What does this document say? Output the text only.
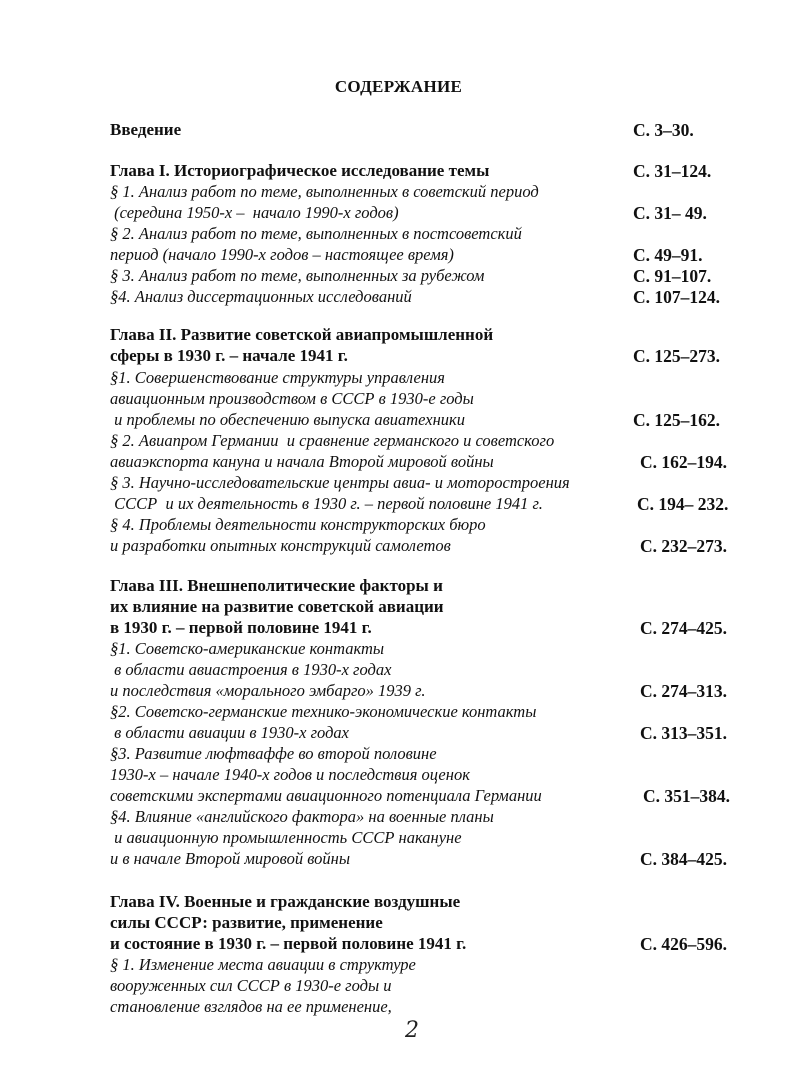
СОДЕРЖАНИЕ
Введение	С. 3–30.
Глава I. Историографическое исследование темы	С. 31–124.
§ 1. Анализ работ по теме, выполненных в советский период
(середина 1950-х –  начало 1990-х годов)	С. 31– 49.
§ 2. Анализ работ по теме, выполненных в постсоветский
период (начало 1990-х годов – настоящее время)	С. 49–91.
§ 3. Анализ работ по теме, выполненных за рубежом	С. 91–107.
§4. Анализ диссертационных исследований	С. 107–124.
Глава II. Развитие советской авиапромышленной
сферы в 1930 г. – начале 1941 г.	С. 125–273.
§1. Совершенствование структуры управления
авиационным производством в СССР в 1930-е годы
и проблемы по обеспечению выпуска авиатехники	С. 125–162.
§ 2. Авиапром Германии  и сравнение германского и советского
авиаэкспорта кануна и начала Второй мировой войны	С. 162–194.
§ 3. Научно-исследовательские центры авиа- и моторостроения
СССР  и их деятельность в 1930 г. – первой половине 1941 г.	С. 194– 232.
§ 4. Проблемы деятельности конструкторских бюро
и разработки опытных конструкций самолетов	С. 232–273.
Глава III. Внешнеполитические факторы и
их влияние на развитие советской авиации
в 1930 г. – первой половине 1941 г.	С. 274–425.
§1. Советско-американские контакты
в области авиастроения в 1930-х годах
и последствия «морального эмбарго» 1939 г.	С. 274–313.
§2. Советско-германские технико-экономические контакты
в области авиации в 1930-х годах	С. 313–351.
§3. Развитие люфтваффе во второй половине
1930-х – начале 1940-х годов и последствия оценок
советскими экспертами авиационного потенциала Германии	С. 351–384.
§4. Влияние «английского фактора» на военные планы
и авиационную промышленность СССР накануне
и в начале Второй мировой войны	С. 384–425.
Глава IV. Военные и гражданские воздушные
силы СССР: развитие, применение
и состояние в 1930 г. – первой половине 1941 г.	С. 426–596.
§ 1. Изменение места авиации в структуре
вооруженных сил СССР в 1930-е годы и
становление взглядов на ее применение,
2
